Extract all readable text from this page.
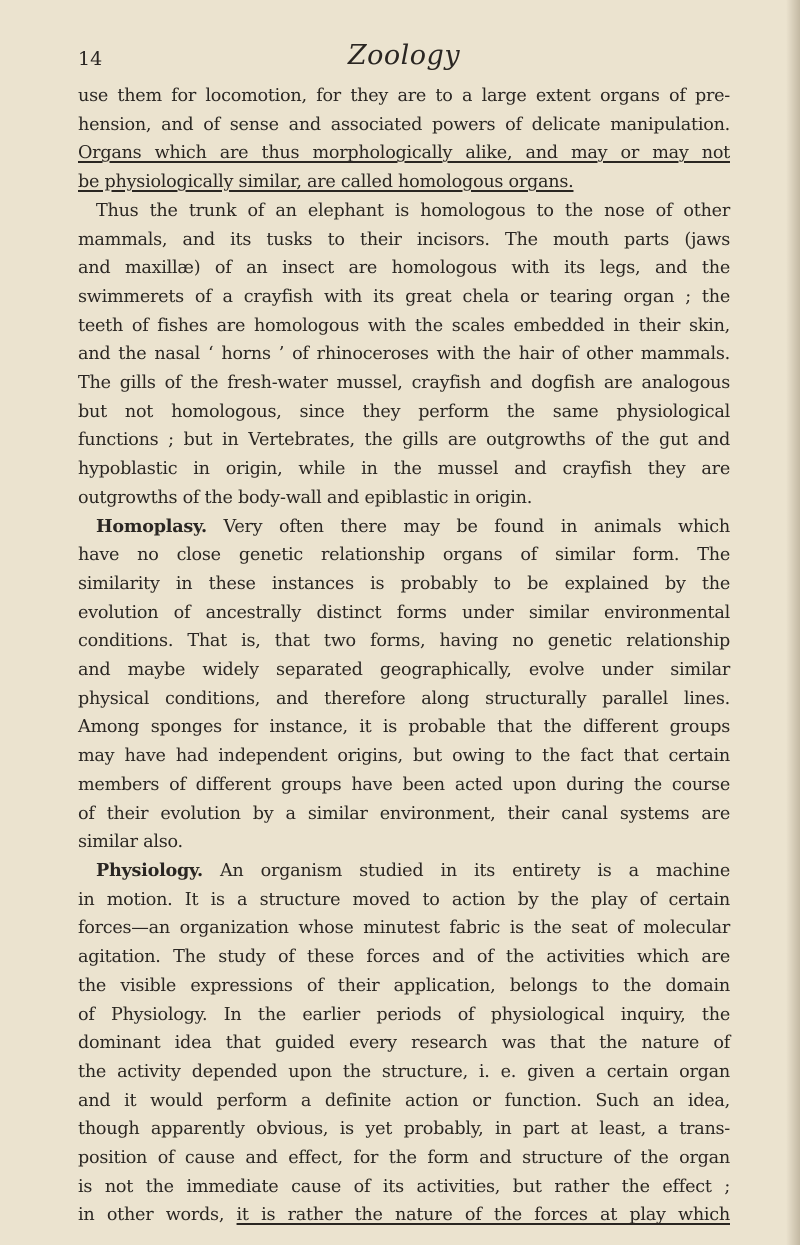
14	Zoology
use them for locomotion, for they are to a large extent organs of pre-
hension, and of sense and associated powers of delicate manipulation.
Organs which are thus morphologically alike, and may or may not
be physiologically similar, are called homologous organs.
Thus the trunk of an elephant is homologous to the nose of other
mammals, and its tusks to their incisors. The mouth parts (jaws
and maxillæ) of an insect are homologous with its legs, and the
swimmerets of a crayfish with its great chela or tearing organ ; the
teeth of fishes are homologous with the scales embedded in their skin,
and the nasal ‘ horns ’ of rhinoceroses with the hair of other mammals.
The gills of the fresh-water mussel, crayfish and dogfish are analogous
but not homologous, since they perform the same physiological
functions ; but in Vertebrates, the gills are outgrowths of the gut and
hypoblastic in origin, while in the mussel and crayfish they are
outgrowths of the body-wall and epiblastic in origin.
Homoplasy. Very often there may be found in animals which
have no close genetic relationship organs of similar form. The
similarity in these instances is probably to be explained by the
evolution of ancestrally distinct forms under similar environmental
conditions. That is, that two forms, having no genetic relationship
and maybe widely separated geographically, evolve under similar
physical conditions, and therefore along structurally parallel lines.
Among sponges for instance, it is probable that the different groups
may have had independent origins, but owing to the fact that certain
members of different groups have been acted upon during the course
of their evolution by a similar environment, their canal systems are
similar also.
Physiology. An organism studied in its entirety is a machine
in motion. It is a structure moved to action by the play of certain
forces—an organization whose minutest fabric is the seat of molecular
agitation. The study of these forces and of the activities which are
the visible expressions of their application, belongs to the domain
of Physiology. In the earlier periods of physiological inquiry, the
dominant idea that guided every research was that the nature of
the activity depended upon the structure, i. e. given a certain organ
and it would perform a definite action or function. Such an idea,
though apparently obvious, is yet probably, in part at least, a trans-
position of cause and effect, for the form and structure of the organ
is not the immediate cause of its activities, but rather the effect ;
in other words, it is rather the nature of the forces at play which
